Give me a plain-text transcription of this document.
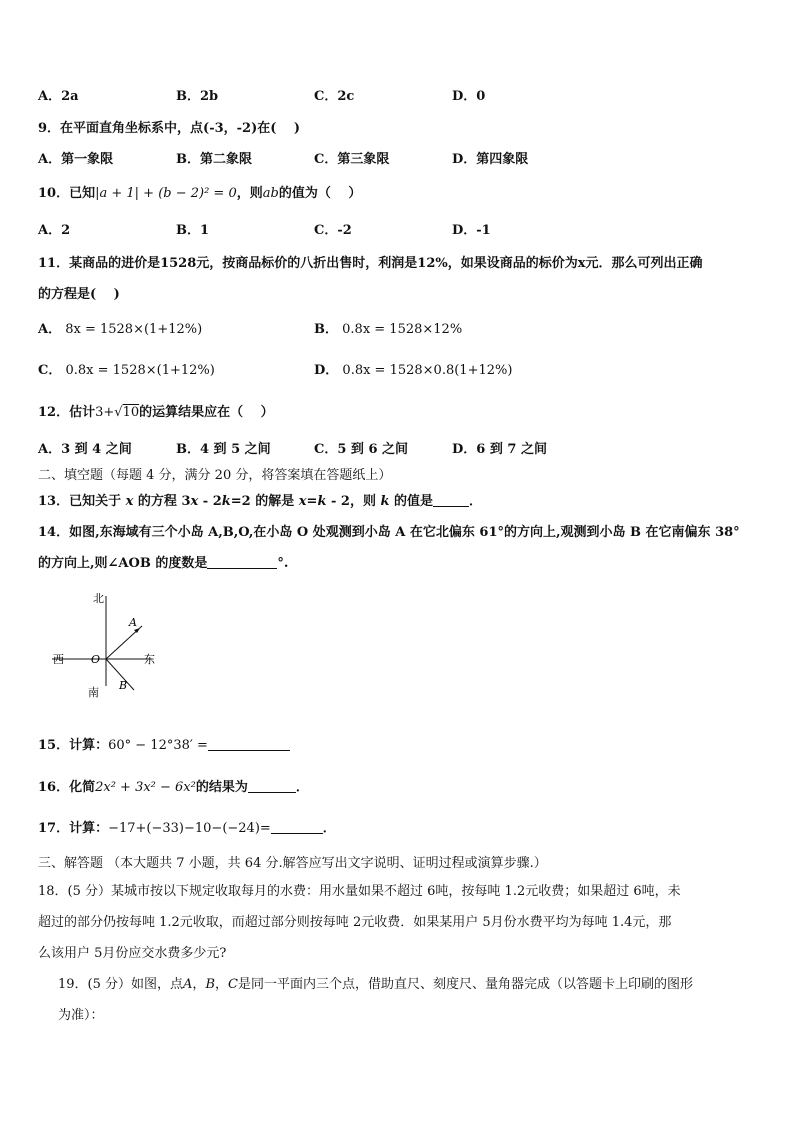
A．2a	B．2b	C．2c	D．0
9．在平面直角坐标系中，点(-3，-2)在(　 )
A．第一象限	B．第二象限	C．第三象限	D．第四象限
10．已知|a + 1| + (b − 2)² = 0，则ab的值为（　 ）
A．2	B．1	C．-2	D．-1
11．某商品的进价是1528元，按商品标价的八折出售时，利润是12%，如果设商品的标价为x元．那么可列出正确
的方程是(　 )
A． 8x = 1528×(1+12%)	B． 0.8x = 1528×12%
C． 0.8x = 1528×(1+12%)	D． 0.8x = 1528×0.8(1+12%)
12．估计3+√10的运算结果应在（　 ）
A．3 到 4 之间	B．4 到 5 之间	C．5 到 6 之间	D．6 到 7 之间
二、填空题（每题 4 分，满分 20 分，将答案填在答题纸上）
13．已知关于 x 的方程 3x - 2k=2 的解是 x=k - 2，则 k 的值是	．
14．如图,东海域有三个小岛 A,B,O,在小岛 O 处观测到小岛 A 在它北偏东 61°的方向上,观测到小岛 B 在它南偏东 38°
的方向上,则∠AOB 的度数是	°.
北
A
西 O	东
B
南
15．计算：60° − 12°38′ =
16．化简2x² + 3x² − 6x²的结果为	．
17．计算：−17+(−33)−10−(−24)=	．
三、解答题 （本大题共 7 小题，共 64 分.解答应写出文字说明、证明过程或演算步骤.）
18．(5 分）某城市按以下规定收取每月的水费：用水量如果不超过 6吨，按每吨 1.2元收费；如果超过 6吨，未
超过的部分仍按每吨 1.2元收取，而超过部分则按每吨 2元收费．如果某用户 5月份水费平均为每吨 1.4元，那
么该用户 5月份应交水费多少元?
19．(5 分）如图，点A，B，C是同一平面内三个点，借助直尺、刻度尺、量角器完成（以答题卡上印刷的图形
为准）：
